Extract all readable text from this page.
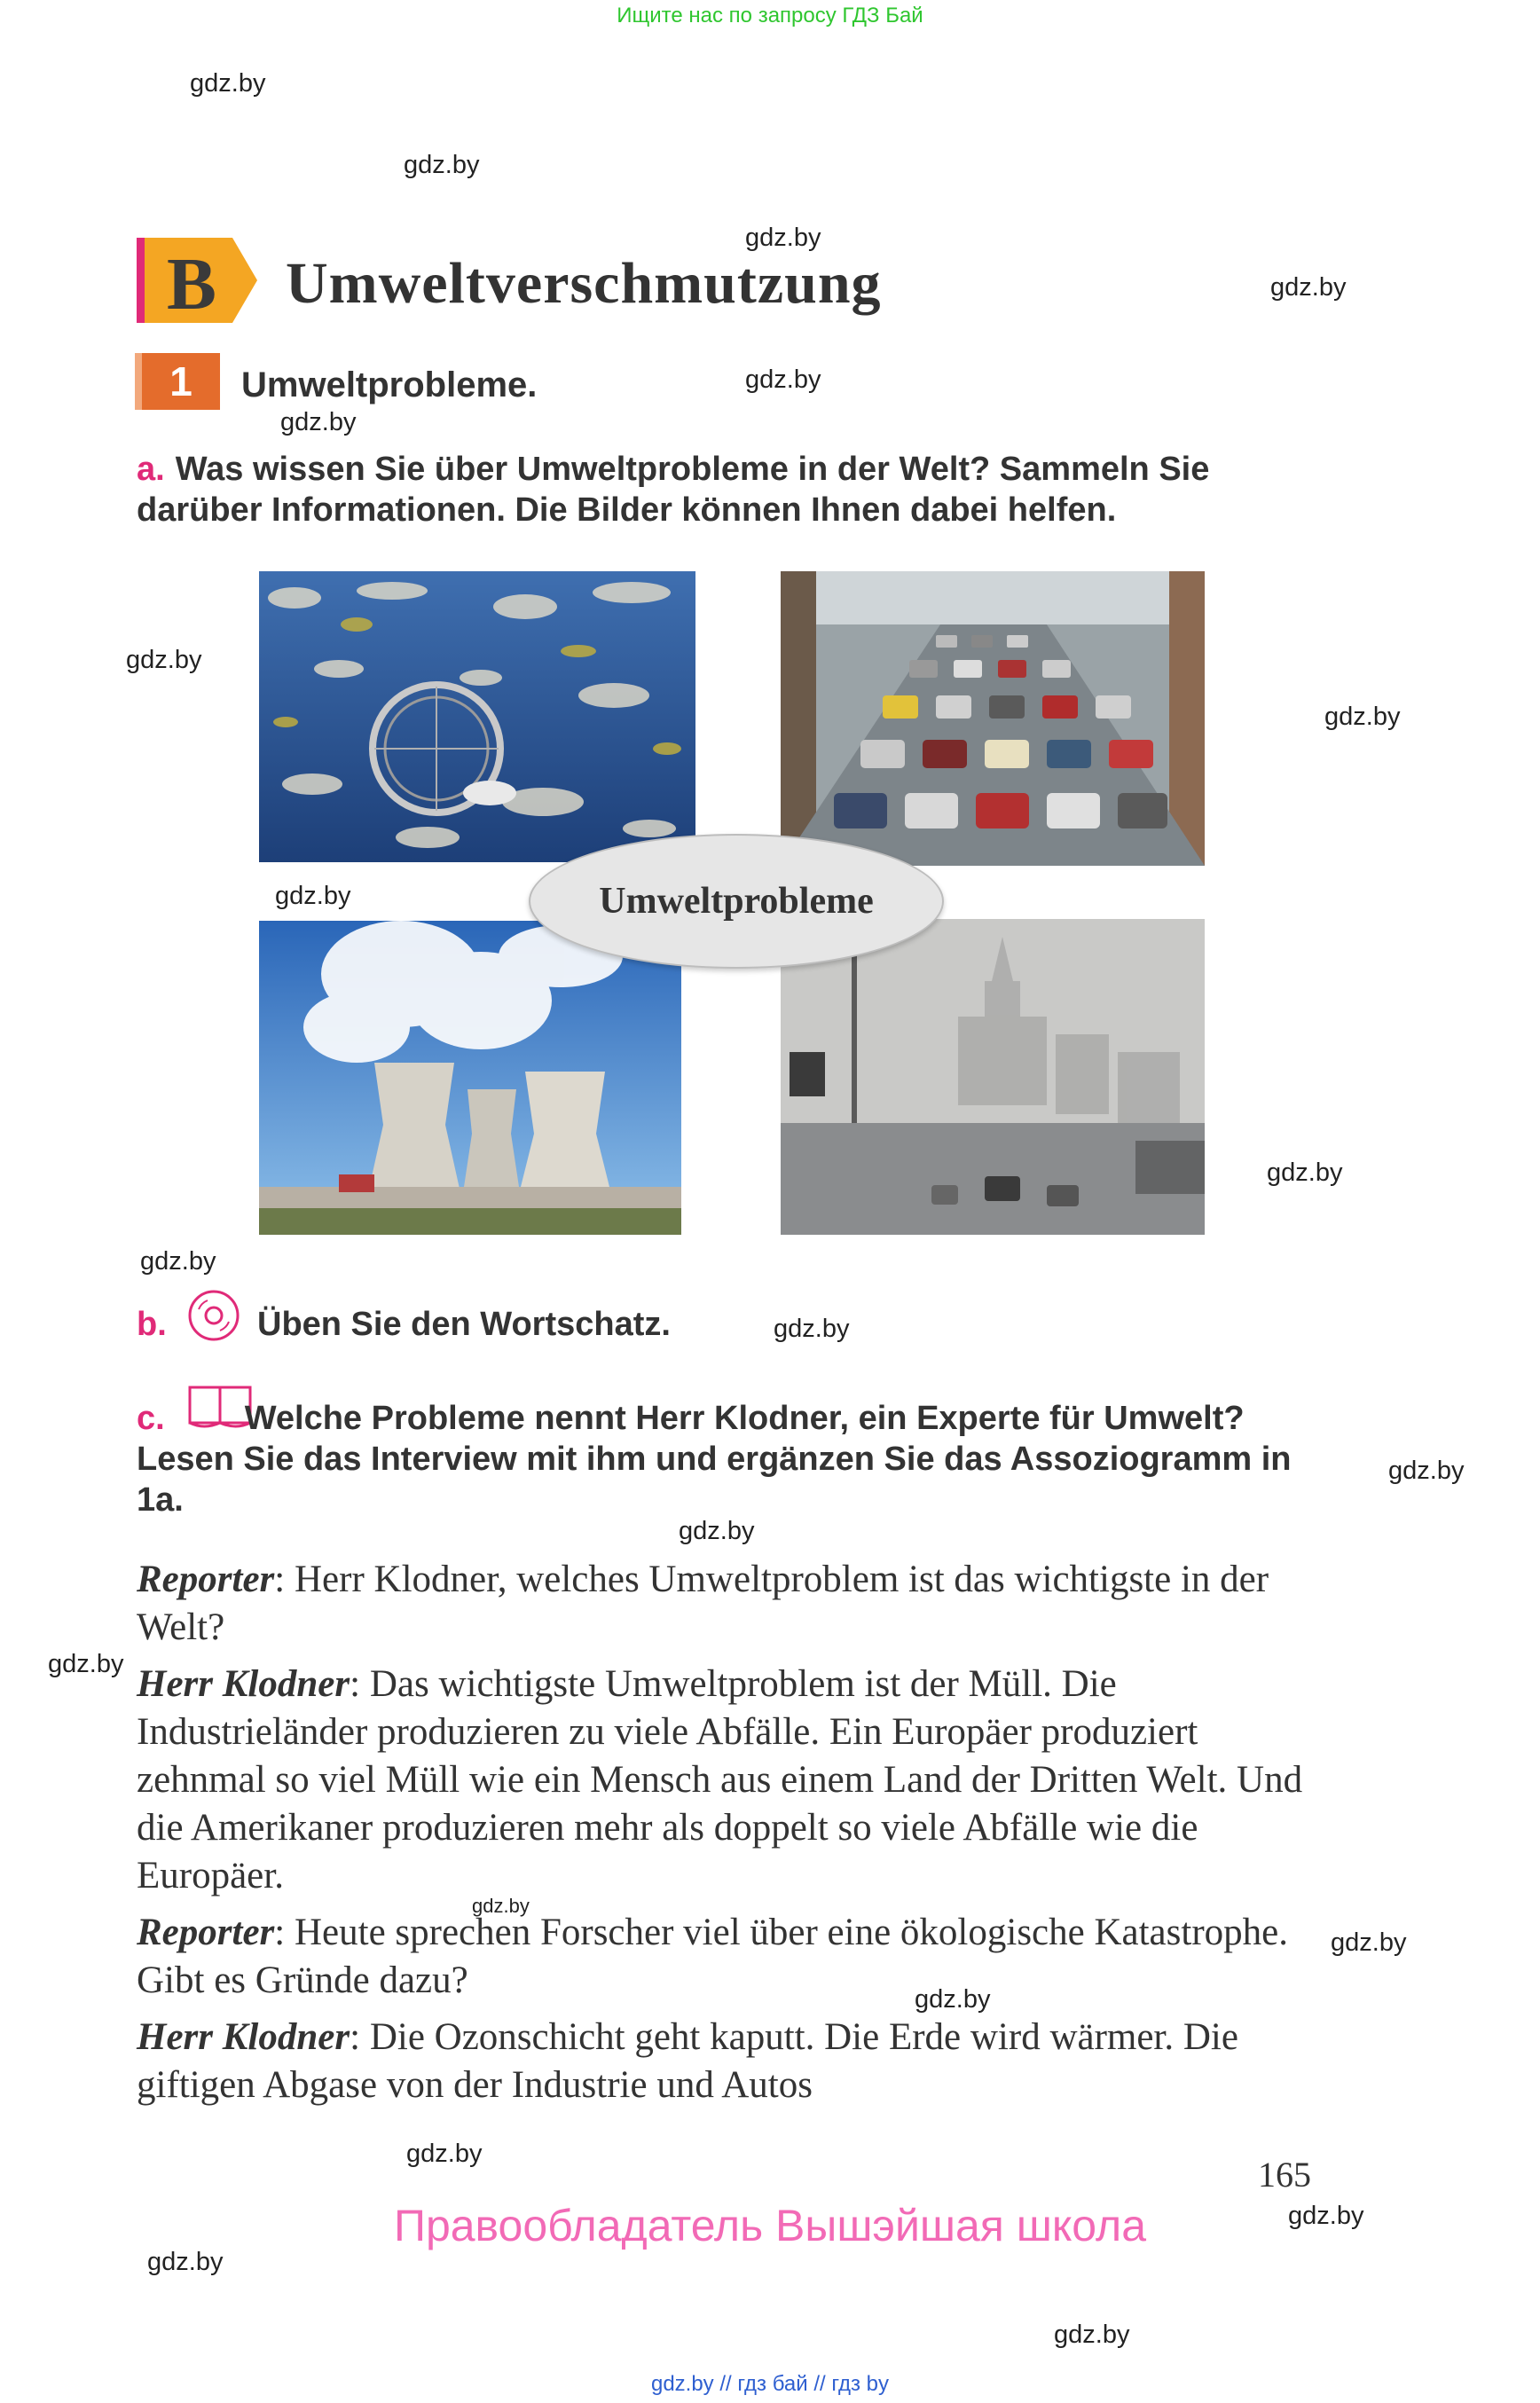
Ищите нас по запросу ГДЗ Бай
gdz.by
gdz.by
gdz.by
gdz.by
gdz.by
gdz.by
gdz.by
gdz.by
gdz.by
gdz.by
gdz.by
gdz.by
gdz.by
gdz.by
gdz.by
gdz.by
gdz.by
gdz.by
gdz.by
gdz.by
gdz.by
gdz.by
B Umweltverschmutzung
1	Umweltprobleme.
a. Was wissen Sie über Umweltprobleme in der Welt? Sammeln Sie darüber Informationen. Die Bilder können Ihnen dabei helfen.
Umweltprobleme
b.	Üben Sie den Wortschatz.
c. Welche Probleme nennt Herr Klodner, ein Experte für Umwelt? Lesen Sie das Interview mit ihm und ergänzen Sie das Assoziogramm in 1a.
Reporter: Herr Klodner, welches Umweltproblem ist das wichtigste in der Welt?
Herr Klodner: Das wichtigste Umweltproblem ist der Müll. Die Industrieländer produzieren zu viele Abfälle. Ein Europäer produziert zehnmal so viel Müll wie ein Mensch aus einem Land der Dritten Welt. Und die Amerikaner produzieren mehr als doppelt so viele Abfälle wie die Europäer.
Reporter: Heute sprechen Forscher viel über eine ökologische Katastrophe. Gibt es Gründe dazu?
Herr Klodner: Die Ozonschicht geht kaputt. Die Erde wird wärmer. Die giftigen Abgase von der Industrie und Autos
165
Правообладатель Вышэйшая школа
gdz.by // гдз бай // гдз by
